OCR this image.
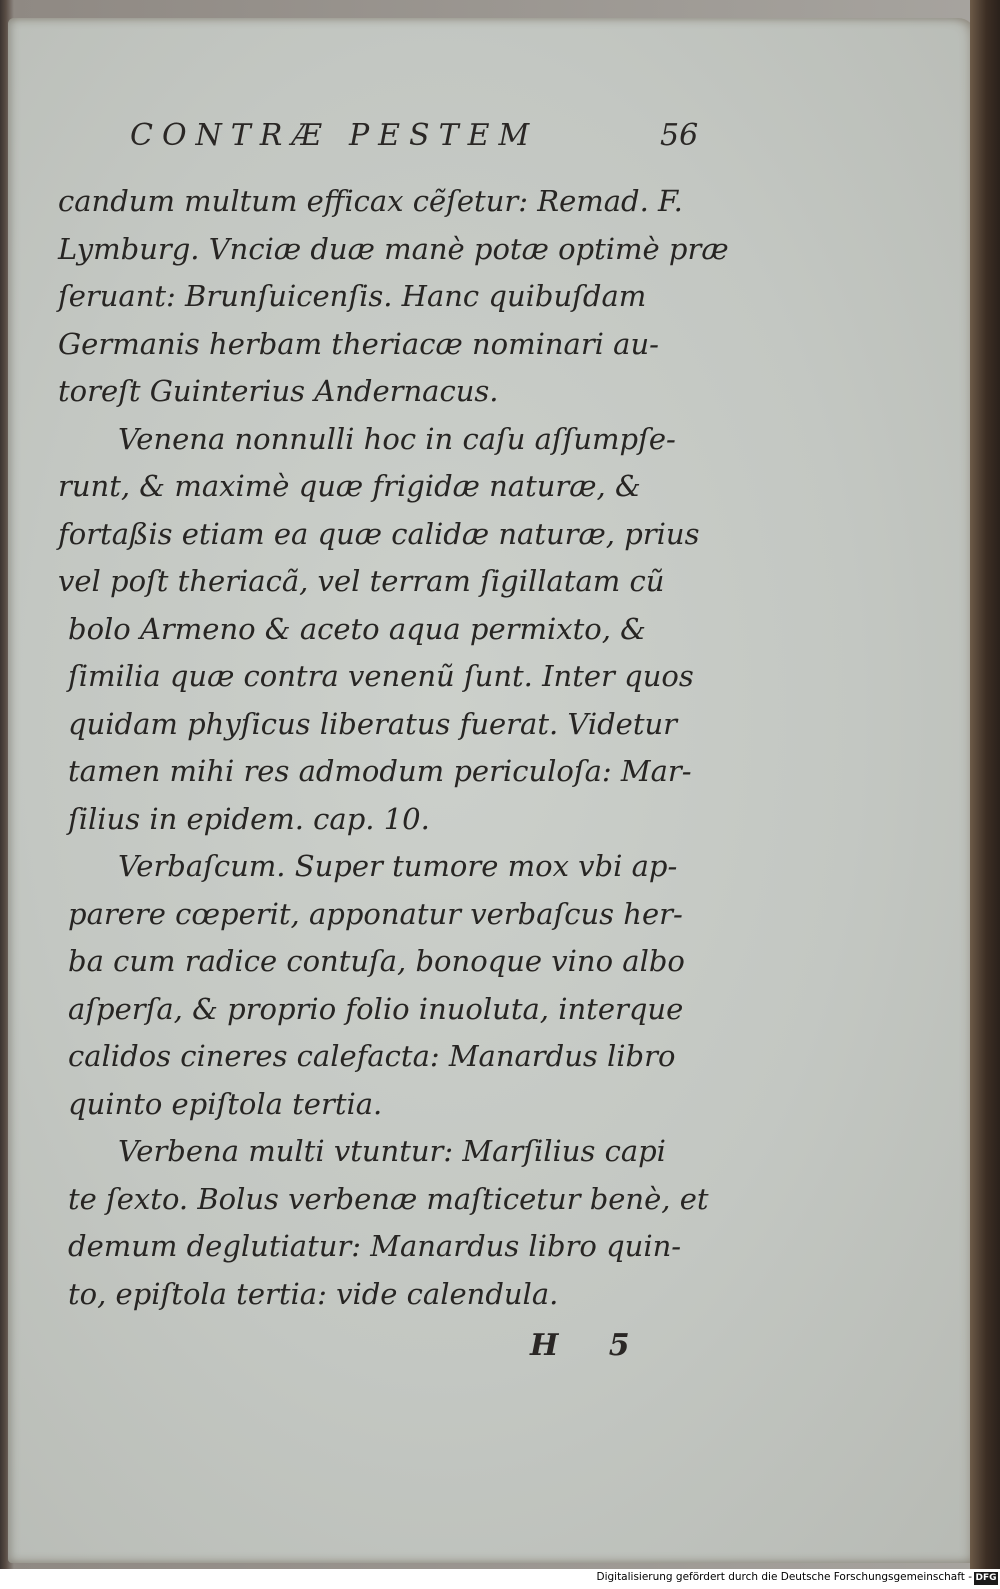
CONTRÆ PESTEM	56
candum multum efficax cẽſetur: Remad. F.
Lymburg. Vnciæ duæ manè potæ optimè præ
ſeruant: Brunſuicenſis. Hanc quibuſdam
Germanis herbam theriacæ nominari au-
toreſt Guinterius Andernacus.
Venena nonnulli hoc in caſu aſſumpſe-
runt, & maximè quæ frigidæ naturæ, &
fortaßis etiam ea quæ calidæ naturæ, prius
vel poſt theriacã, vel terram ſigillatam cũ
bolo Armeno & aceto aqua permixto, &
ſimilia quæ contra venenũ ſunt. Inter quos
quidam phyſicus liberatus fuerat. Videtur
tamen mihi res admodum periculoſa: Mar-
ſilius in epidem. cap. 10.
Verbaſcum. Super tumore mox vbi ap-
parere cœperit, apponatur verbaſcus her-
ba cum radice contuſa, bonoque vino albo
aſperſa, & proprio folio inuoluta, interque
calidos cineres calefacta: Manardus libro
quinto epiſtola tertia.
Verbena multi vtuntur: Marſilius capi
te ſexto. Bolus verbenæ maſticetur benè, et
demum deglutiatur: Manardus libro quin-
to, epiſtola tertia: vide calendula.
H 5
Digitalisierung gefördert durch die Deutsche Forschungsgemeinschaft - DFG
